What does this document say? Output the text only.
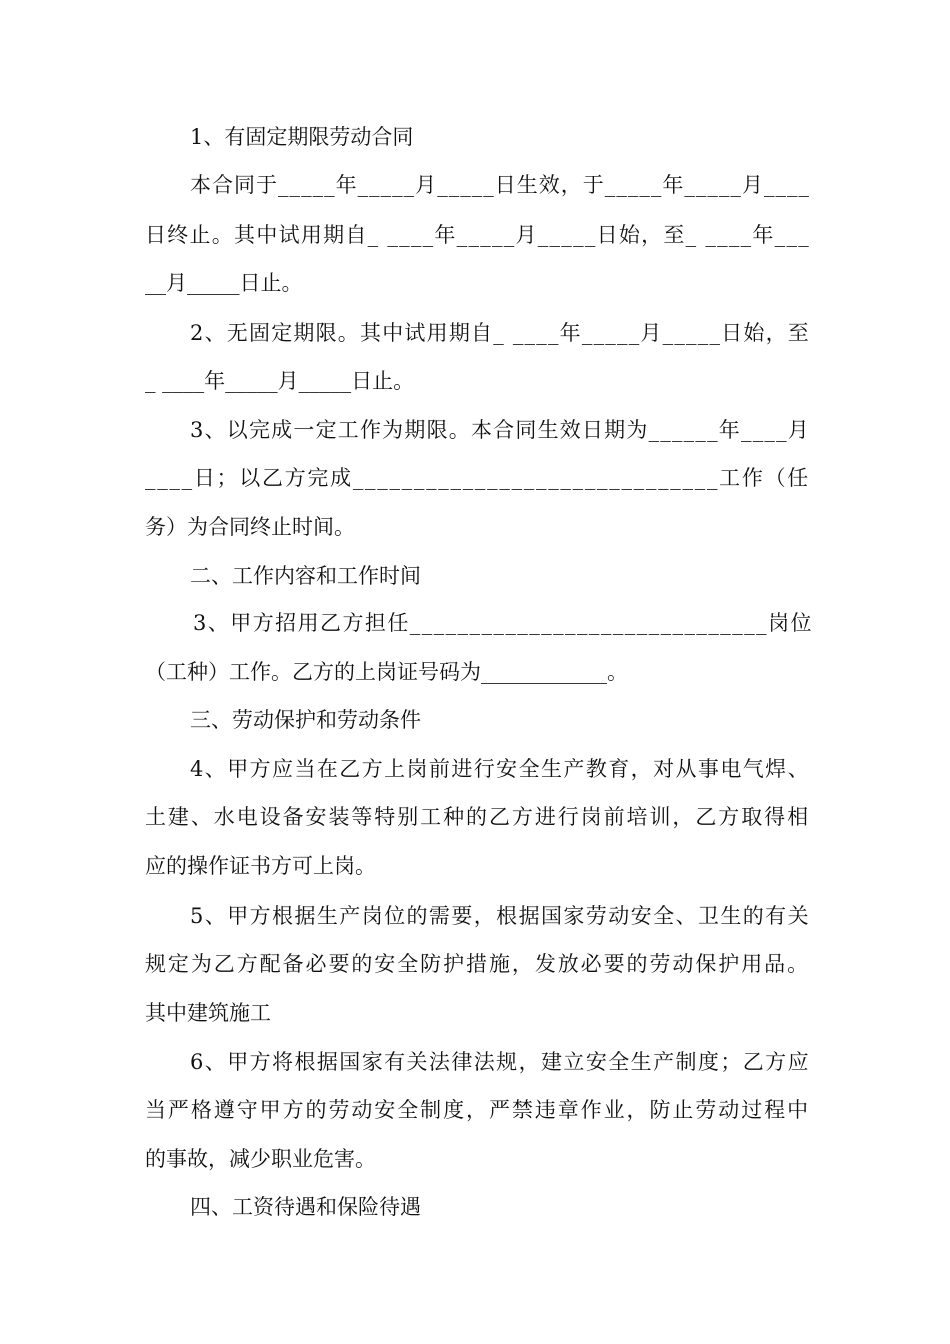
1、有固定期限劳动合同

本合同于_____年_____月_____日生效，于_____年_____月____

日终止。其中试用期自_ ____年_____月_____日始，至_ ____年___

__月_____日止。

2、无固定期限。其中试用期自_ ____年_____月_____日始，至

_ ____年_____月_____日止。

3、以完成一定工作为期限。本合同生效日期为______年____月

____日；以乙方完成______________________________工作（任

务）为合同终止时间。

二、工作内容和工作时间

3、甲方招用乙方担任______________________________岗位

（工种）工作。乙方的上岗证号码为____________。

三、劳动保护和劳动条件

4、甲方应当在乙方上岗前进行安全生产教育，对从事电气焊、

土建、水电设备安装等特别工种的乙方进行岗前培训，乙方取得相

应的操作证书方可上岗。

5、甲方根据生产岗位的需要，根据国家劳动安全、卫生的有关

规定为乙方配备必要的安全防护措施，发放必要的劳动保护用品。

其中建筑施工

6、甲方将根据国家有关法律法规，建立安全生产制度；乙方应

当严格遵守甲方的劳动安全制度，严禁违章作业，防止劳动过程中

的事故，减少职业危害。

四、工资待遇和保险待遇
